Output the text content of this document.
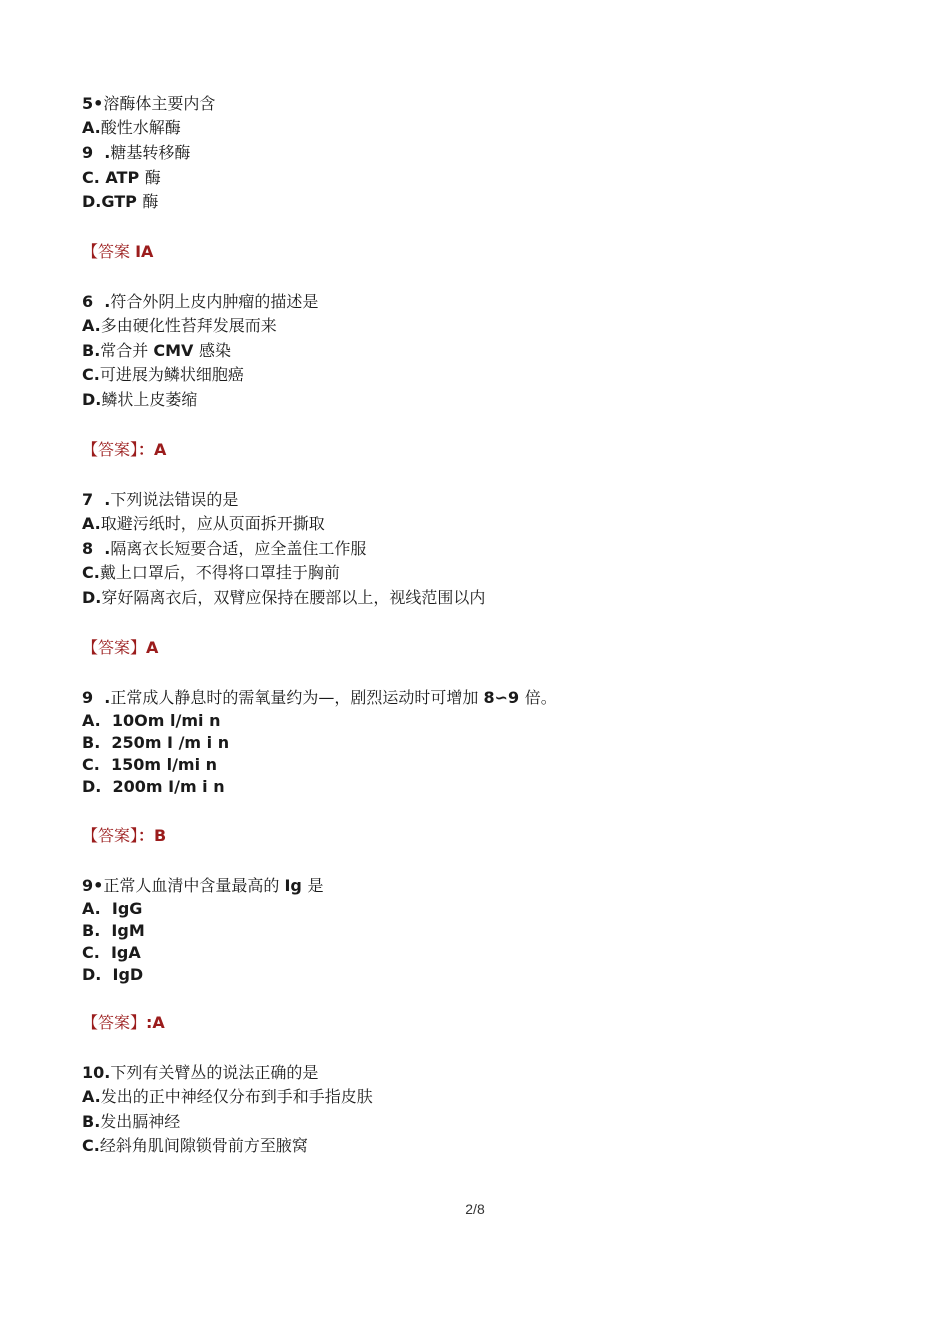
5•溶酶体主要内含
A.酸性水解酶
9  .糖基转移酶
C. ATP 酶
D.GTP 酶
【答案 IA
6  .符合外阴上皮内肿瘤的描述是
A.多由硬化性苔拜发展而来
B.常合并 CMV 感染
C.可进展为鳞状细胞癌
D.鳞状上皮萎缩
【答案】：A
7  .下列说法错误的是
A.取避污纸时，应从页面拆开撕取
8  .隔离衣长短要合适，应全盖住工作服
C.戴上口罩后，不得将口罩挂于胸前
D.穿好隔离衣后，双臂应保持在腰部以上，视线范围以内
【答案】A
9  .正常成人静息时的需氧量约为—，剧烈运动时可增加 8∽9 倍。
A.  10Om l/mi n
B.  250m I /m i n
C.  150m l/mi n
D.  200m I/m i n
【答案】：B
9•正常人血清中含量最高的 Ig 是
A.  IgG
B.  IgM
C.  IgA
D.  IgD
【答案】:A
10.下列有关臂丛的说法正确的是
A.发出的正中神经仅分布到手和手指皮肤
B.发出膈神经
C.经斜角肌间隙锁骨前方至腋窝
2/8
